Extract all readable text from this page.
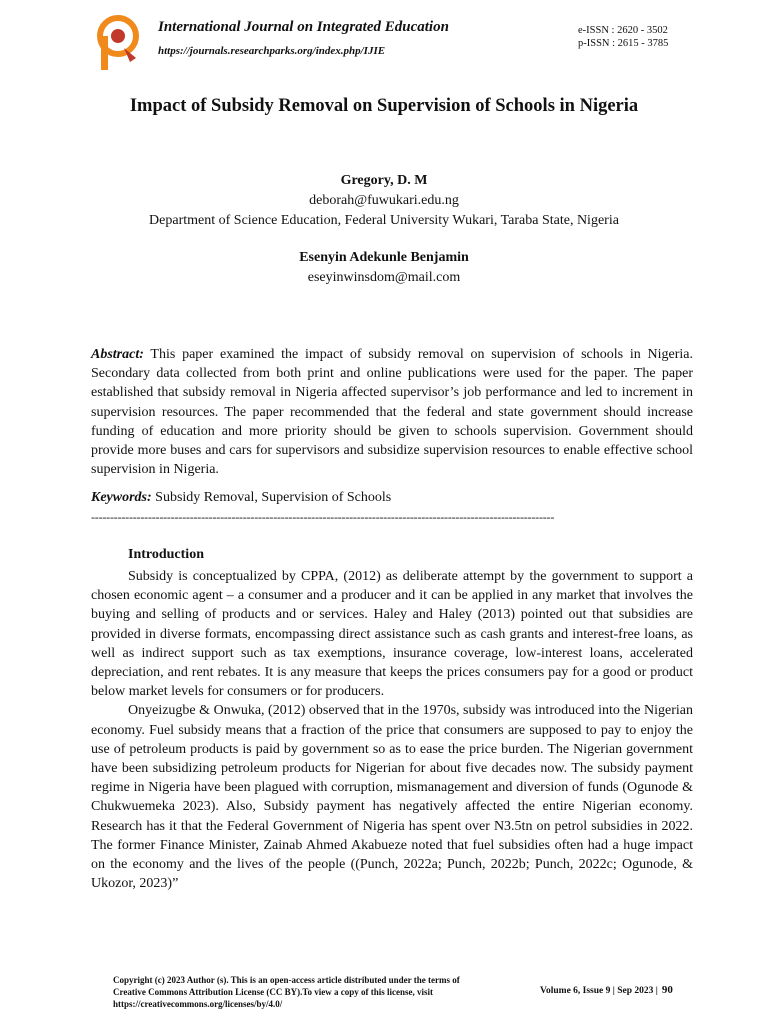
International Journal on Integrated Education
https://journals.researchparks.org/index.php/IJIE
e-ISSN : 2620 - 3502
p-ISSN : 2615 - 3785
Impact of Subsidy Removal on Supervision of Schools in Nigeria
Gregory, D. M
deborah@fuwukari.edu.ng
Department of Science Education, Federal University Wukari, Taraba State, Nigeria
Esenyin Adekunle Benjamin
eseyinwinsdom@mail.com

Abstract: This paper examined the impact of subsidy removal on supervision of schools in Nigeria. Secondary data collected from both print and online publications were used for the paper. The paper established that subsidy removal in Nigeria affected supervisor’s job performance and led to increment in supervision resources. The paper recommended that the federal and state government should increase funding of education and more priority should be given to schools supervision. Government should provide more buses and cars for supervisors and subsidize supervision resources to enable effective school supervision in Nigeria.

Keywords: Subsidy Removal, Supervision of Schools

--------------------------------------------------------------------------------------------------------------------------
Introduction

Subsidy is conceptualized by CPPA, (2012) as deliberate attempt by the government to support a chosen economic agent – a consumer and a producer and it can be applied in any market that involves the buying and selling of products and or services. Haley and Haley (2013) pointed out that subsidies are provided in diverse formats, encompassing direct assistance such as cash grants and interest-free loans, as well as indirect support such as tax exemptions, insurance coverage, low-interest loans, accelerated depreciation, and rent rebates. It is any measure that keeps the prices consumers pay for a good or product below market levels for consumers or for producers.

Onyeizugbe & Onwuka, (2012) observed that in the 1970s, subsidy was introduced into the Nigerian economy. Fuel subsidy means that a fraction of the price that consumers are supposed to pay to enjoy the use of petroleum products is paid by government so as to ease the price burden. The Nigerian government have been subsidizing petroleum products for Nigerian for about five decades now. The subsidy payment regime in Nigeria have been plagued with corruption, mismanagement and diversion of funds (Ogunode & Chukwuemeka 2023). Also, Subsidy payment has negatively affected the entire Nigerian economy. Research has it that the Federal Government of Nigeria has spent over N3.5tn on petrol subsidies in 2022. The former Finance Minister, Zainab Ahmed Akabueze noted that fuel subsidies often had a huge impact on the economy and the lives of the people ((Punch, 2022a; Punch, 2022b; Punch, 2022c; Ogunode, & Ukozor, 2023)”

Copyright (c) 2023 Author (s). This is an open-access article distributed under the terms of Creative Commons Attribution License (CC BY).To view a copy of this license, visit https://creativecommons.org/licenses/by/4.0/
Volume 6, Issue 9 | Sep 2023 | 90
